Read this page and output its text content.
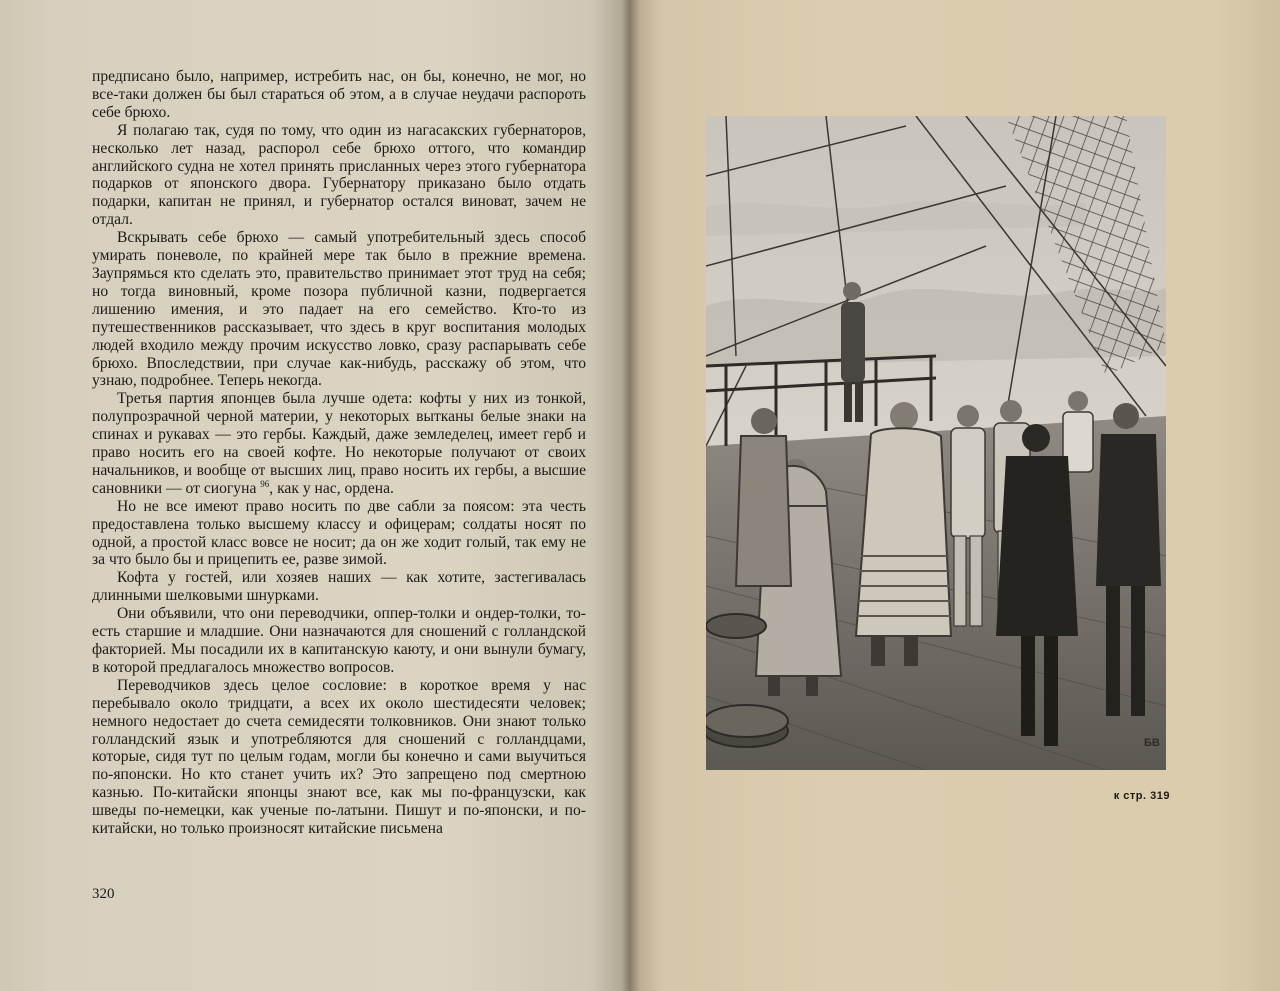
предписано было, например, истребить нас, он бы, конечно, не мог, но все-таки должен бы был стараться об этом, а в случае неудачи распороть себе брюхо.

Я полагаю так, судя по тому, что один из нагасакских губернаторов, несколько лет назад, распорол себе брюхо оттого, что командир английского судна не хотел принять присланных через этого губернатора подарков от японского двора. Губернатору приказано было отдать подарки, капитан не принял, и губернатор остался виноват, зачем не отдал.

Вскрывать себе брюхо — самый употребительный здесь способ умирать поневоле, по крайней мере так было в прежние времена. Заупрямься кто сделать это, правительство принимает этот труд на себя; но тогда виновный, кроме позора публичной казни, подвергается лишению имения, и это падает на его семейство. Кто-то из путешественников рассказывает, что здесь в круг воспитания молодых людей входило между прочим искусство ловко, сразу распарывать себе брюхо. Впоследствии, при случае как-нибудь, расскажу об этом, что узнаю, подробнее. Теперь некогда.

Третья партия японцев была лучше одета: кофты у них из тонкой, полупрозрачной черной материи, у некоторых вытканы белые знаки на спинах и рукавах — это гербы. Каждый, даже земледелец, имеет герб и право носить его на своей кофте. Но некоторые получают от своих начальников, и вообще от высших лиц, право носить их гербы, а высшие сановники — от сиогуна $^{96}$, как у нас, ордена.

Но не все имеют право носить по две сабли за поясом: эта честь предоставлена только высшему классу и офицерам; солдаты носят по одной, а простой класс вовсе не носит; да он же ходит голый, так ему не за что было бы и прицепить ее, разве зимой.

Кофта у гостей, или хозяев наших — как хотите, застегивалась длинными шелковыми шнурками.

Они объявили, что они переводчики, оппер-толки и ондер-толки, то-есть старшие и младшие. Они назначаются для сношений с голландской факторией. Мы посадили их в капитанскую каюту, и они вынули бумагу, в которой предлагалось множество вопросов.

Переводчиков здесь целое сословие: в короткое время у нас перебывало около тридцати, а всех их около шестидесяти человек; немного недостает до счета семидесяти толковников. Они знают только голландский язык и употребляются для сношений с голландцами, которые, сидя тут по целым годам, могли бы конечно и сами выучиться по-японски. Но кто станет учить их? Это запрещено под смертною казнью. По-китайски японцы знают все, как мы по-французски, как шведы по-немецки, как ученые по-латыни. Пишут и по-японски, и по-китайски, но только произносят китайские письмена

320
БВ
к стр. 319
